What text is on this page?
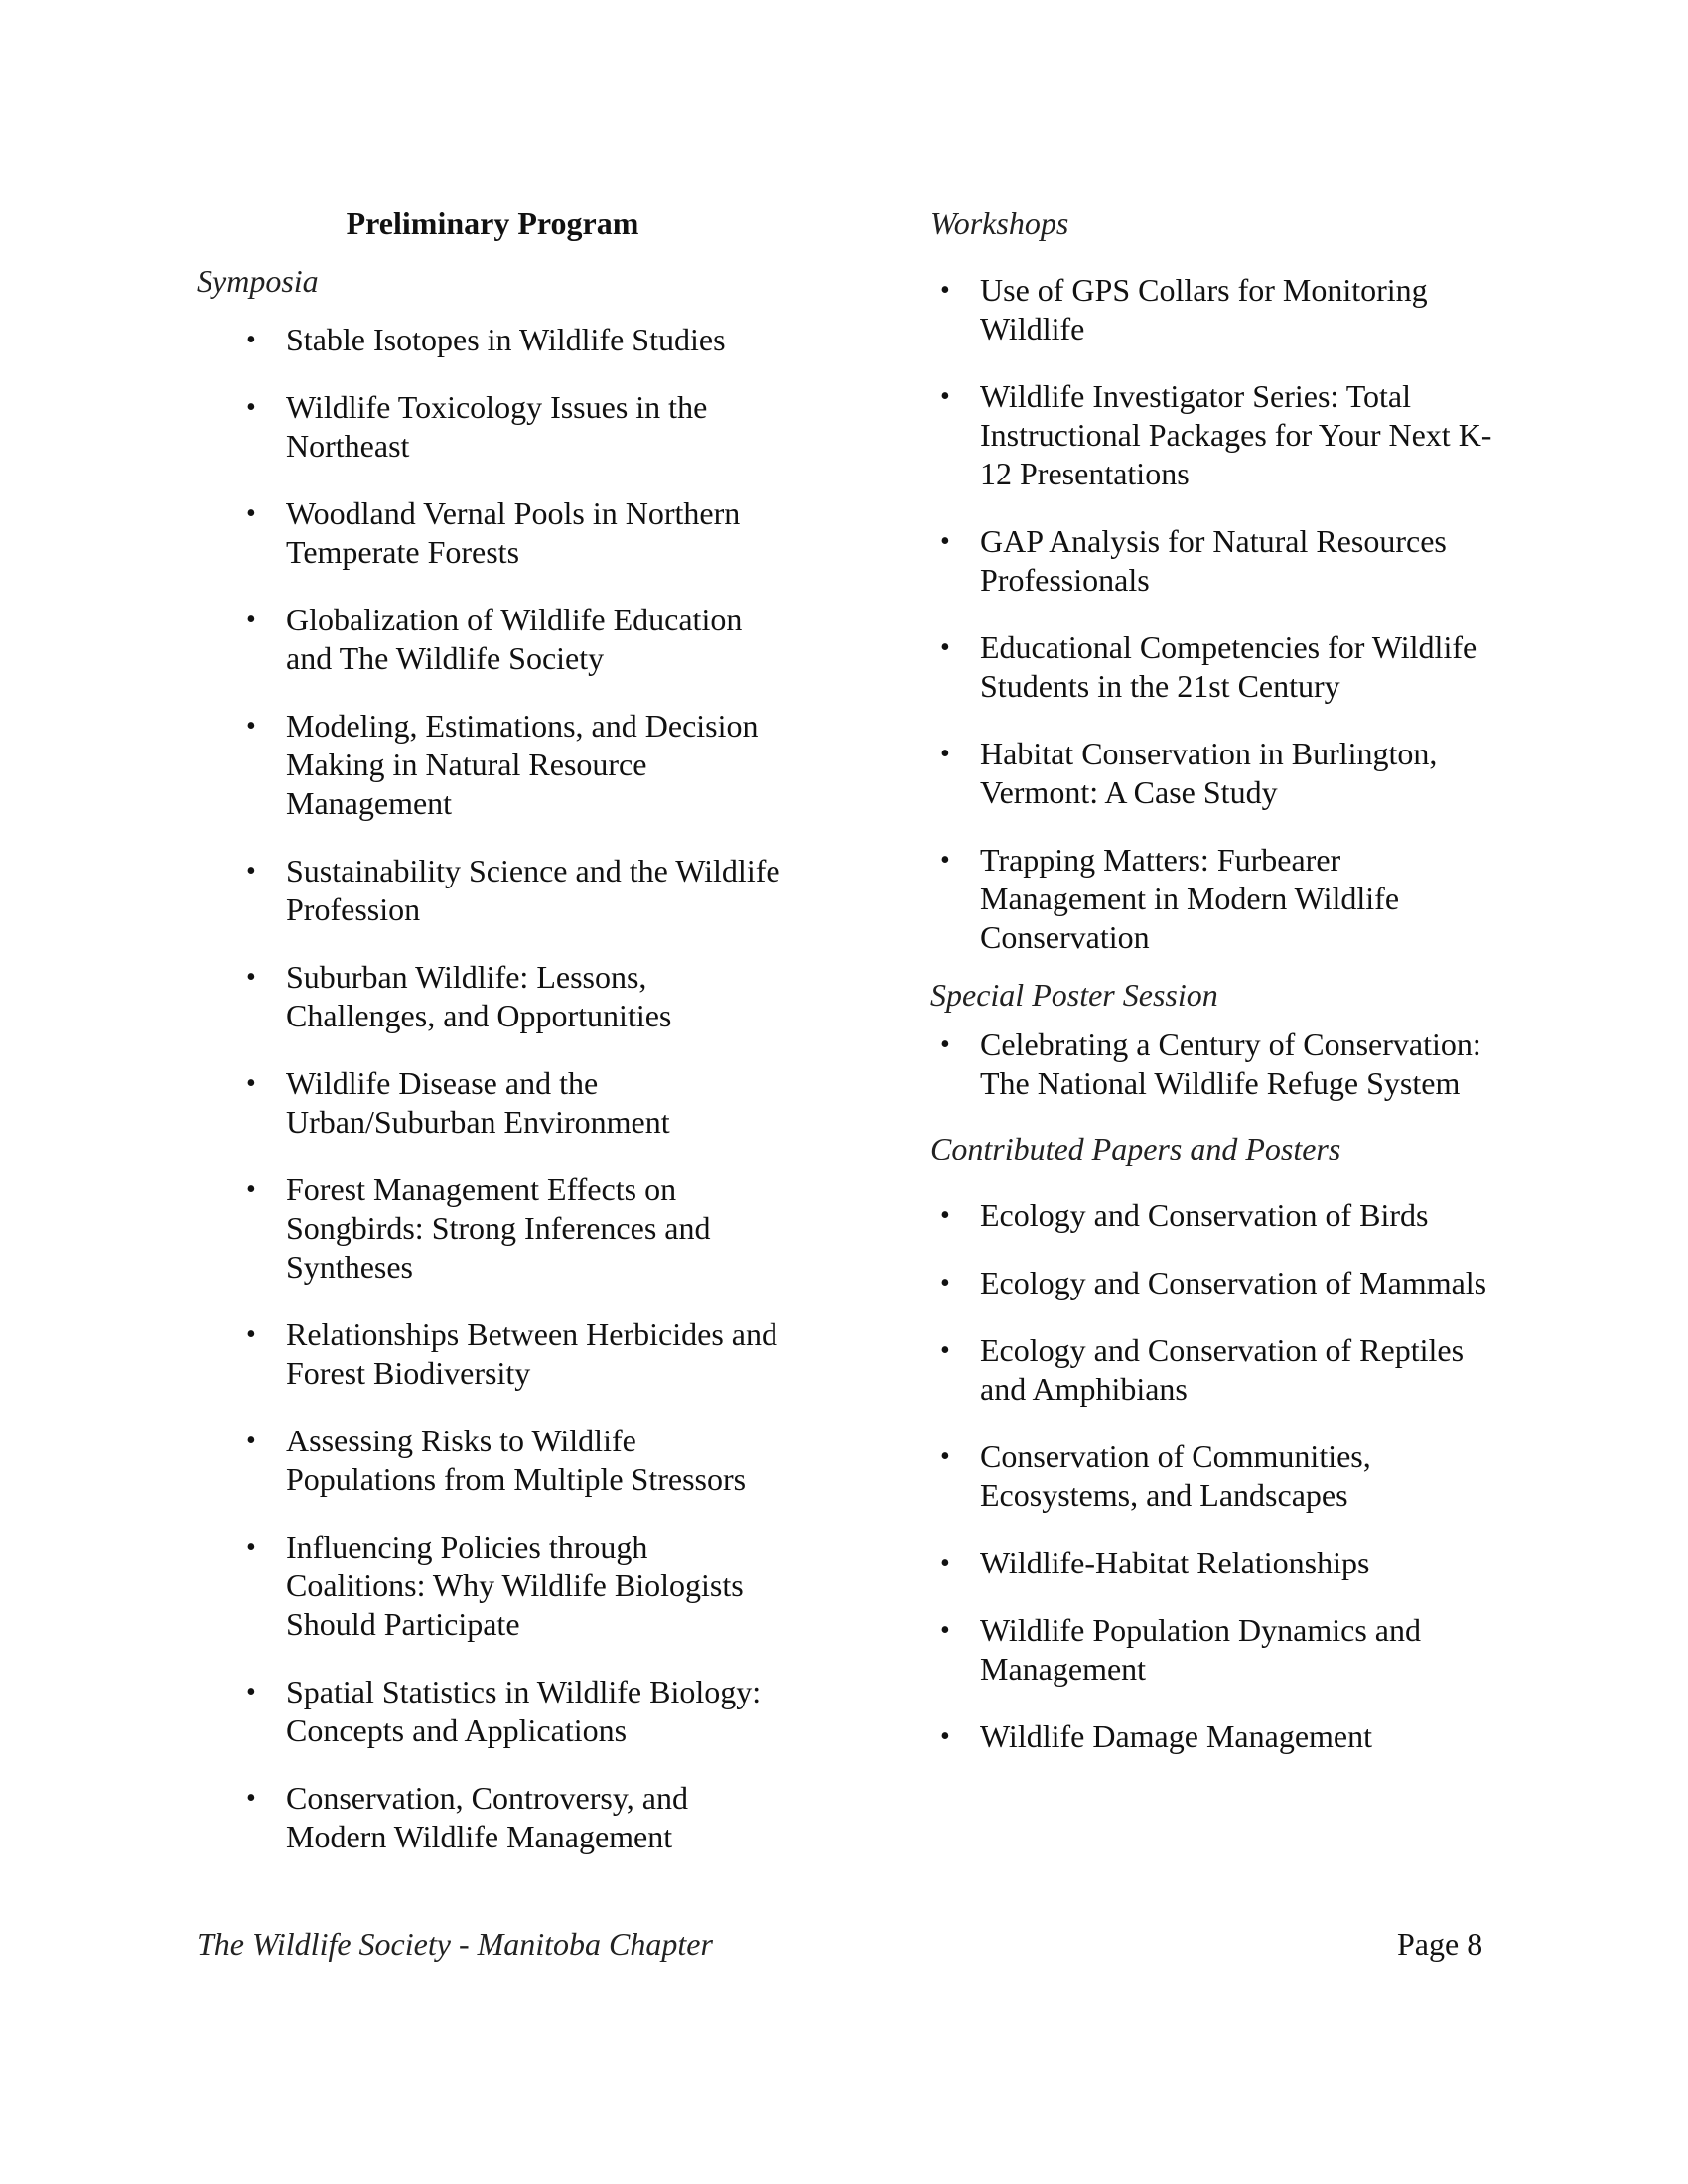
Preliminary Program
Symposia
• Stable Isotopes in Wildlife Studies
• Wildlife Toxicology Issues in the Northeast
• Woodland Vernal Pools in Northern Temperate Forests
• Globalization of Wildlife Education and The Wildlife Society
• Modeling, Estimations, and Decision Making in Natural Resource Management
• Sustainability Science and the Wildlife Profession
• Suburban Wildlife: Lessons, Challenges, and Opportunities
• Wildlife Disease and the Urban/Suburban Environment
• Forest Management Effects on Songbirds: Strong Inferences and Syntheses
• Relationships Between Herbicides and Forest Biodiversity
• Assessing Risks to Wildlife Populations from Multiple Stressors
• Influencing Policies through Coalitions: Why Wildlife Biologists Should Participate
• Spatial Statistics in Wildlife Biology: Concepts and Applications
• Conservation, Controversy, and Modern Wildlife Management
Workshops
• Use of GPS Collars for Monitoring Wildlife
• Wildlife Investigator Series: Total Instructional Packages for Your Next K-12 Presentations
• GAP Analysis for Natural Resources Professionals
• Educational Competencies for Wildlife Students in the 21st Century
• Habitat Conservation in Burlington, Vermont: A Case Study
• Trapping Matters: Furbearer Management in Modern Wildlife Conservation
Special Poster Session
• Celebrating a Century of Conservation: The National Wildlife Refuge System
Contributed Papers and Posters
• Ecology and Conservation of Birds
• Ecology and Conservation of Mammals
• Ecology and Conservation of Reptiles and Amphibians
• Conservation of Communities, Ecosystems, and Landscapes
• Wildlife-Habitat Relationships
• Wildlife Population Dynamics and Management
• Wildlife Damage Management
The Wildlife Society - Manitoba Chapter	Page 8
